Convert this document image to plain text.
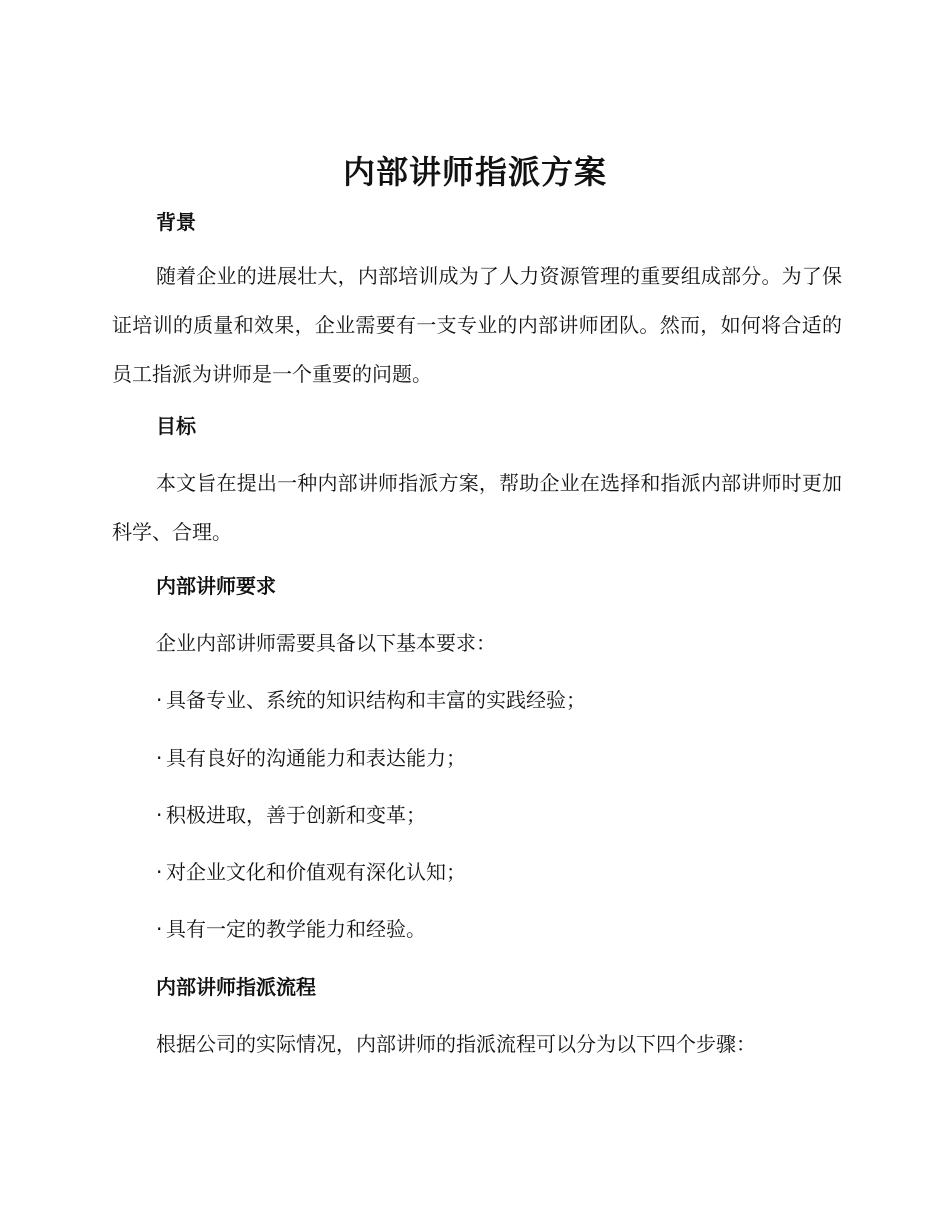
内部讲师指派方案
背景
随着企业的进展壮大，内部培训成为了人力资源管理的重要组成部分。为了保证培训的质量和效果，企业需要有一支专业的内部讲师团队。然而，如何将合适的员工指派为讲师是一个重要的问题。
目标
本文旨在提出一种内部讲师指派方案，帮助企业在选择和指派内部讲师时更加科学、合理。
内部讲师要求
企业内部讲师需要具备以下基本要求：
· 具备专业、系统的知识结构和丰富的实践经验；
· 具有良好的沟通能力和表达能力；
· 积极进取，善于创新和变革；
· 对企业文化和价值观有深化认知；
· 具有一定的教学能力和经验。
内部讲师指派流程
根据公司的实际情况，内部讲师的指派流程可以分为以下四个步骤：
